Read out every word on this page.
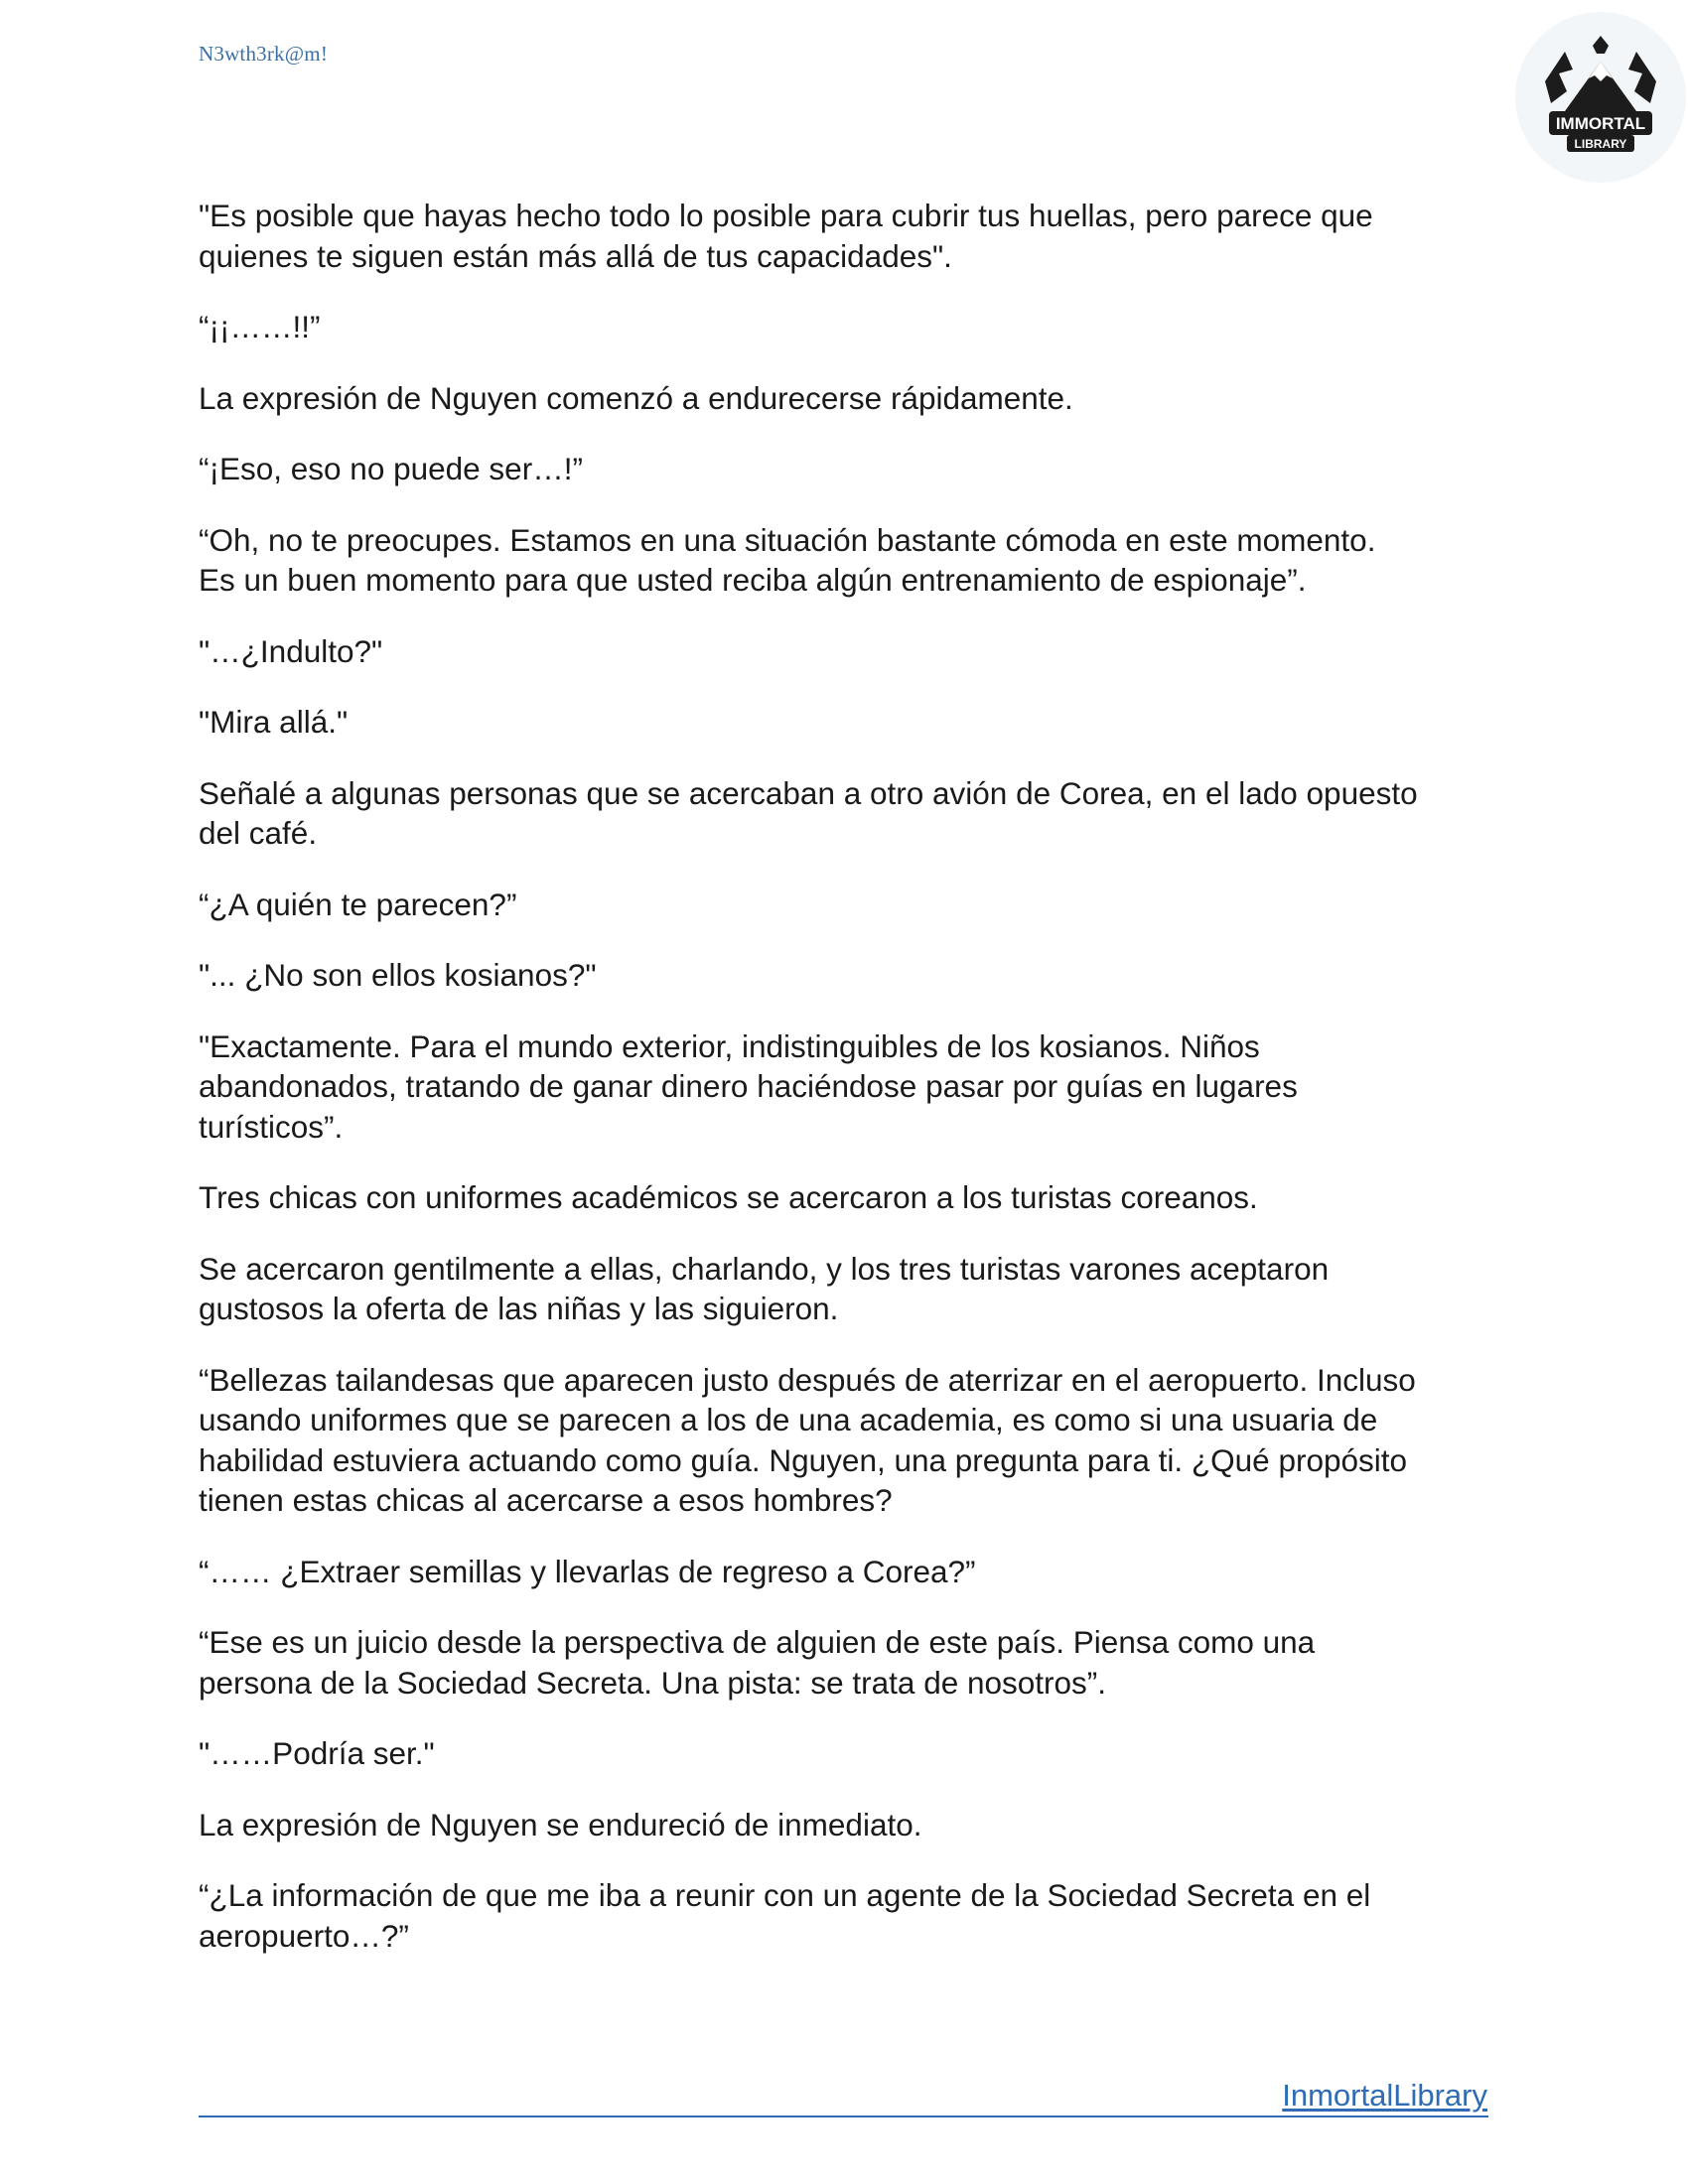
N3wth3rk@m!
IMMORTAL
LIBRARY

"Es posible que hayas hecho todo lo posible para cubrir tus huellas, pero parece que
quienes te siguen están más allá de tus capacidades".

“¡¡……!!”

La expresión de Nguyen comenzó a endurecerse rápidamente.

“¡Eso, eso no puede ser…!”

“Oh, no te preocupes. Estamos en una situación bastante cómoda en este momento.
Es un buen momento para que usted reciba algún entrenamiento de espionaje”.

"…¿Indulto?"

"Mira allá."

Señalé a algunas personas que se acercaban a otro avión de Corea, en el lado opuesto
del café.

“¿A quién te parecen?”

"... ¿No son ellos kosianos?"

"Exactamente. Para el mundo exterior, indistinguibles de los kosianos. Niños
abandonados, tratando de ganar dinero haciéndose pasar por guías en lugares
turísticos”.

Tres chicas con uniformes académicos se acercaron a los turistas coreanos.

Se acercaron gentilmente a ellas, charlando, y los tres turistas varones aceptaron
gustosos la oferta de las niñas y las siguieron.

“Bellezas tailandesas que aparecen justo después de aterrizar en el aeropuerto. Incluso
usando uniformes que se parecen a los de una academia, es como si una usuaria de
habilidad estuviera actuando como guía. Nguyen, una pregunta para ti. ¿Qué propósito
tienen estas chicas al acercarse a esos hombres?

“…… ¿Extraer semillas y llevarlas de regreso a Corea?”

“Ese es un juicio desde la perspectiva de alguien de este país. Piensa como una
persona de la Sociedad Secreta. Una pista: se trata de nosotros”.

"……Podría ser."

La expresión de Nguyen se endureció de inmediato.

“¿La información de que me iba a reunir con un agente de la Sociedad Secreta en el
aeropuerto…?”

InmortalLibrary
